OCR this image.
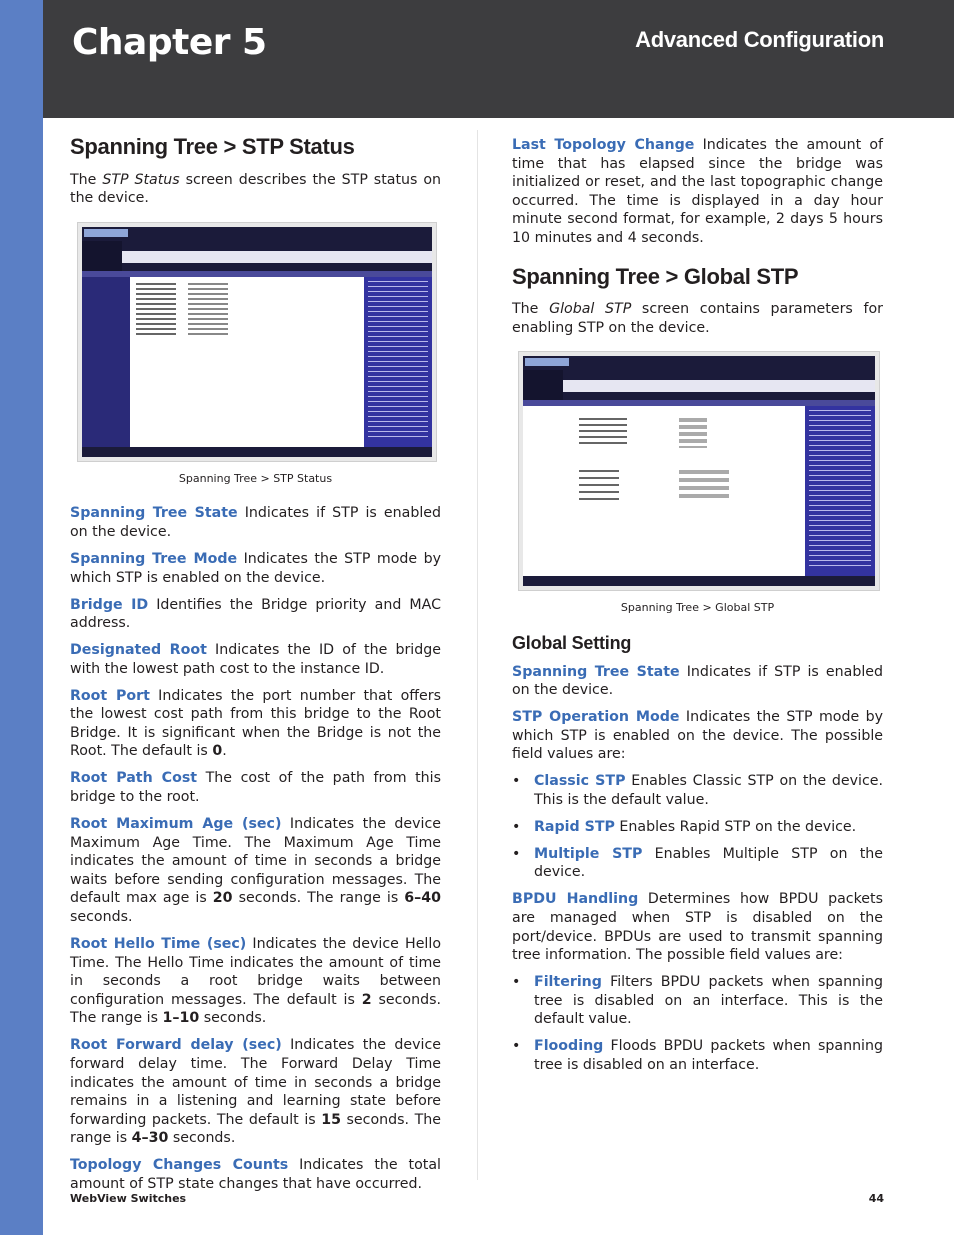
Chapter 5	Advanced Configuration
Spanning Tree > STP Status

The STP Status screen describes the STP status on the device.

Spanning Tree > STP Status

Spanning Tree State Indicates if STP is enabled on the device.

Spanning Tree Mode Indicates the STP mode by which STP is enabled on the device.

Bridge ID Identifies the Bridge priority and MAC address.

Designated Root Indicates the ID of the bridge with the lowest path cost to the instance ID.

Root Port Indicates the port number that offers the lowest cost path from this bridge to the Root Bridge. It is significant when the Bridge is not the Root. The default is 0.

Root Path Cost The cost of the path from this bridge to the root.

Root Maximum Age (sec) Indicates the device Maximum Age Time. The Maximum Age Time indicates the amount of time in seconds a bridge waits before sending configuration messages. The default max age is 20 seconds. The range is 6–40 seconds.

Root Hello Time (sec) Indicates the device Hello Time. The Hello Time indicates the amount of time in seconds a root bridge waits between configuration messages. The default is 2 seconds. The range is 1–10 seconds.

Root Forward delay (sec) Indicates the device forward delay time. The Forward Delay Time indicates the amount of time in seconds a bridge remains in a listening and learning state before forwarding packets. The default is 15 seconds. The range is 4–30 seconds.

Topology Changes Counts Indicates the total amount of STP state changes that have occurred.

Last Topology Change Indicates the amount of time that has elapsed since the bridge was initialized or reset, and the last topographic change occurred. The time is displayed in a day hour minute second format, for example, 2 days 5 hours 10 minutes and 4 seconds.

Spanning Tree > Global STP

The Global STP screen contains parameters for enabling STP on the device.

Spanning Tree > Global STP
Global Setting

Spanning Tree State Indicates if STP is enabled on the device.

STP Operation Mode Indicates the STP mode by which STP is enabled on the device. The possible field values are:

• Classic STP Enables Classic STP on the device. This is the default value.
• Rapid STP Enables Rapid STP on the device.
• Multiple STP Enables Multiple STP on the device.

BPDU Handling Determines how BPDU packets are managed when STP is disabled on the port/device. BPDUs are used to transmit spanning tree information. The possible field values are:

• Filtering Filters BPDU packets when spanning tree is disabled on an interface. This is the default value.
• Flooding Floods BPDU packets when spanning tree is disabled on an interface.
WebView Switches	44
